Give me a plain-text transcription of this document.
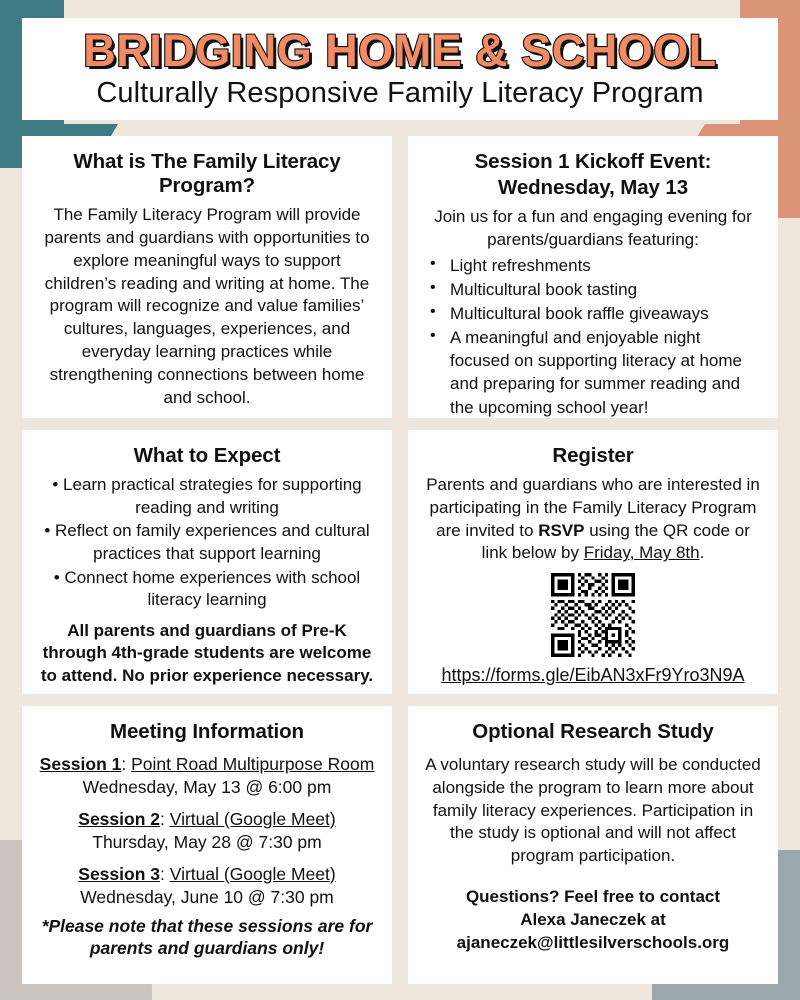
BRIDGING HOME & SCHOOL
Culturally Responsive Family Literacy Program
What is The Family Literacy Program?

The Family Literacy Program will provide parents and guardians with opportunities to explore meaningful ways to support children’s reading and writing at home. The program will recognize and value families’ cultures, languages, experiences, and everyday learning practices while strengthening connections between home and school.

Session 1 Kickoff Event:
Wednesday, May 13

Join us for a fun and engaging evening for parents/guardians featuring:

• Light refreshments
• Multicultural book tasting
• Multicultural book raffle giveaways
• A meaningful and enjoyable night focused on supporting literacy at home and preparing for summer reading and the upcoming school year!
What to Expect
• Learn practical strategies for supporting reading and writing
• Reflect on family experiences and cultural practices that support learning
• Connect home experiences with school literacy learning

All parents and guardians of Pre-K through 4th-grade students are welcome to attend. No prior experience necessary.

Register

Parents and guardians who are interested in participating in the Family Literacy Program are invited to RSVP using the QR code or link below by Friday, May 8th.

https://forms.gle/EibAN3xFr9Yro3N9A
Meeting Information
Session 1: Point Road Multipurpose Room
Wednesday, May 13 @ 6:00 pm
Session 2: Virtual (Google Meet)
Thursday, May 28 @ 7:30 pm
Session 3: Virtual (Google Meet)
Wednesday, June 10 @ 7:30 pm

*Please note that these sessions are for parents and guardians only!

Optional Research Study

A voluntary research study will be conducted alongside the program to learn more about family literacy experiences. Participation in the study is optional and will not affect program participation.

Questions? Feel free to contact
Alexa Janeczek at
ajaneczek@littlesilverschools.org
